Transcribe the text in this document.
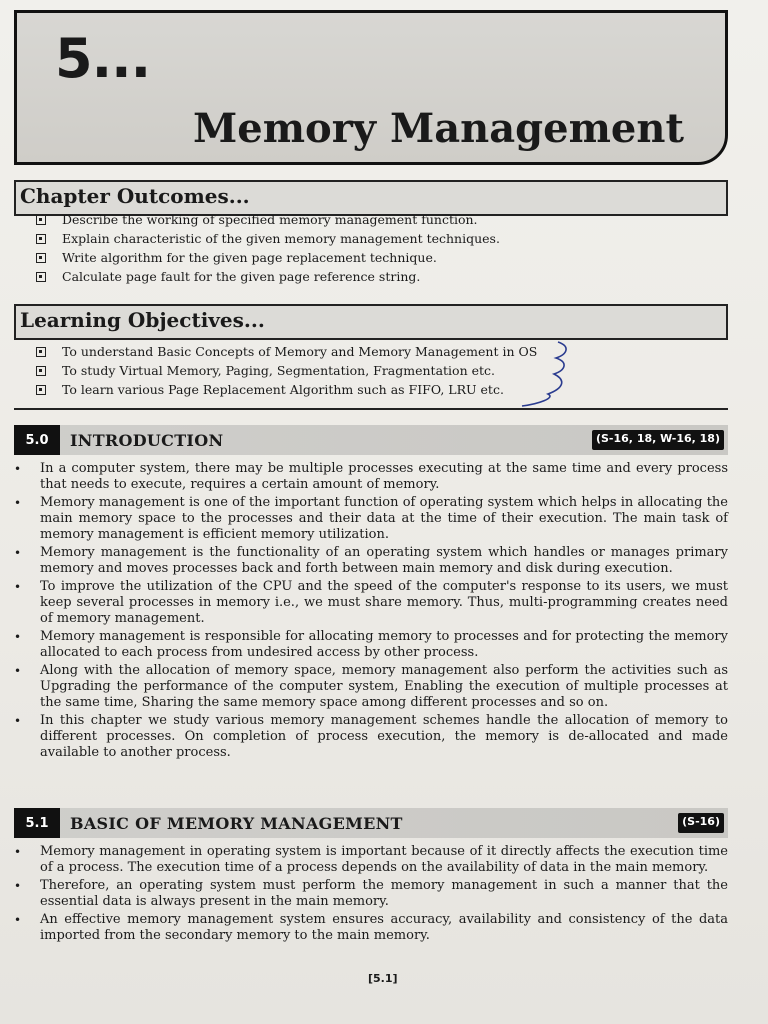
5...
Memory Management
Chapter Outcomes...
Describe the working of specified memory management function.
Explain characteristic of the given memory management techniques.
Write algorithm for the given page replacement technique.
Calculate page fault for the given page reference string.
Learning Objectives...
To understand Basic Concepts of Memory and Memory Management in OS
To study Virtual Memory, Paging, Segmentation, Fragmentation etc.
To learn various Page Replacement Algorithm such as FIFO, LRU etc.
5.0	INTRODUCTION	(S-16, 18, W-16, 18)
• In a computer system, there may be multiple processes executing at the same time and every process that needs to execute, requires a certain amount of memory.
• Memory management is one of the important function of operating system which helps in allocating the main memory space to the processes and their data at the time of their execution. The main task of memory management is efficient memory utilization.
• Memory management is the functionality of an operating system which handles or manages primary memory and moves processes back and forth between main memory and disk during execution.
• To improve the utilization of the CPU and the speed of the computer's response to its users, we must keep several processes in memory i.e., we must share memory. Thus, multi-programming creates need of memory management.
• Memory management is responsible for allocating memory to processes and for protecting the memory allocated to each process from undesired access by other process.
• Along with the allocation of memory space, memory management also perform the activities such as Upgrading the performance of the computer system, Enabling the execution of multiple processes at the same time, Sharing the same memory space among different processes and so on.
• In this chapter we study various memory management schemes handle the allocation of memory to different processes. On completion of process execution, the memory is de-allocated and made available to another process.
5.1	BASIC OF MEMORY MANAGEMENT	(S-16)
• Memory management in operating system is important because of it directly affects the execution time of a process. The execution time of a process depends on the availability of data in the main memory.
• Therefore, an operating system must perform the memory management in such a manner that the essential data is always present in the main memory.
• An effective memory management system ensures accuracy, availability and consistency of the data imported from the secondary memory to the main memory.
[5.1]
